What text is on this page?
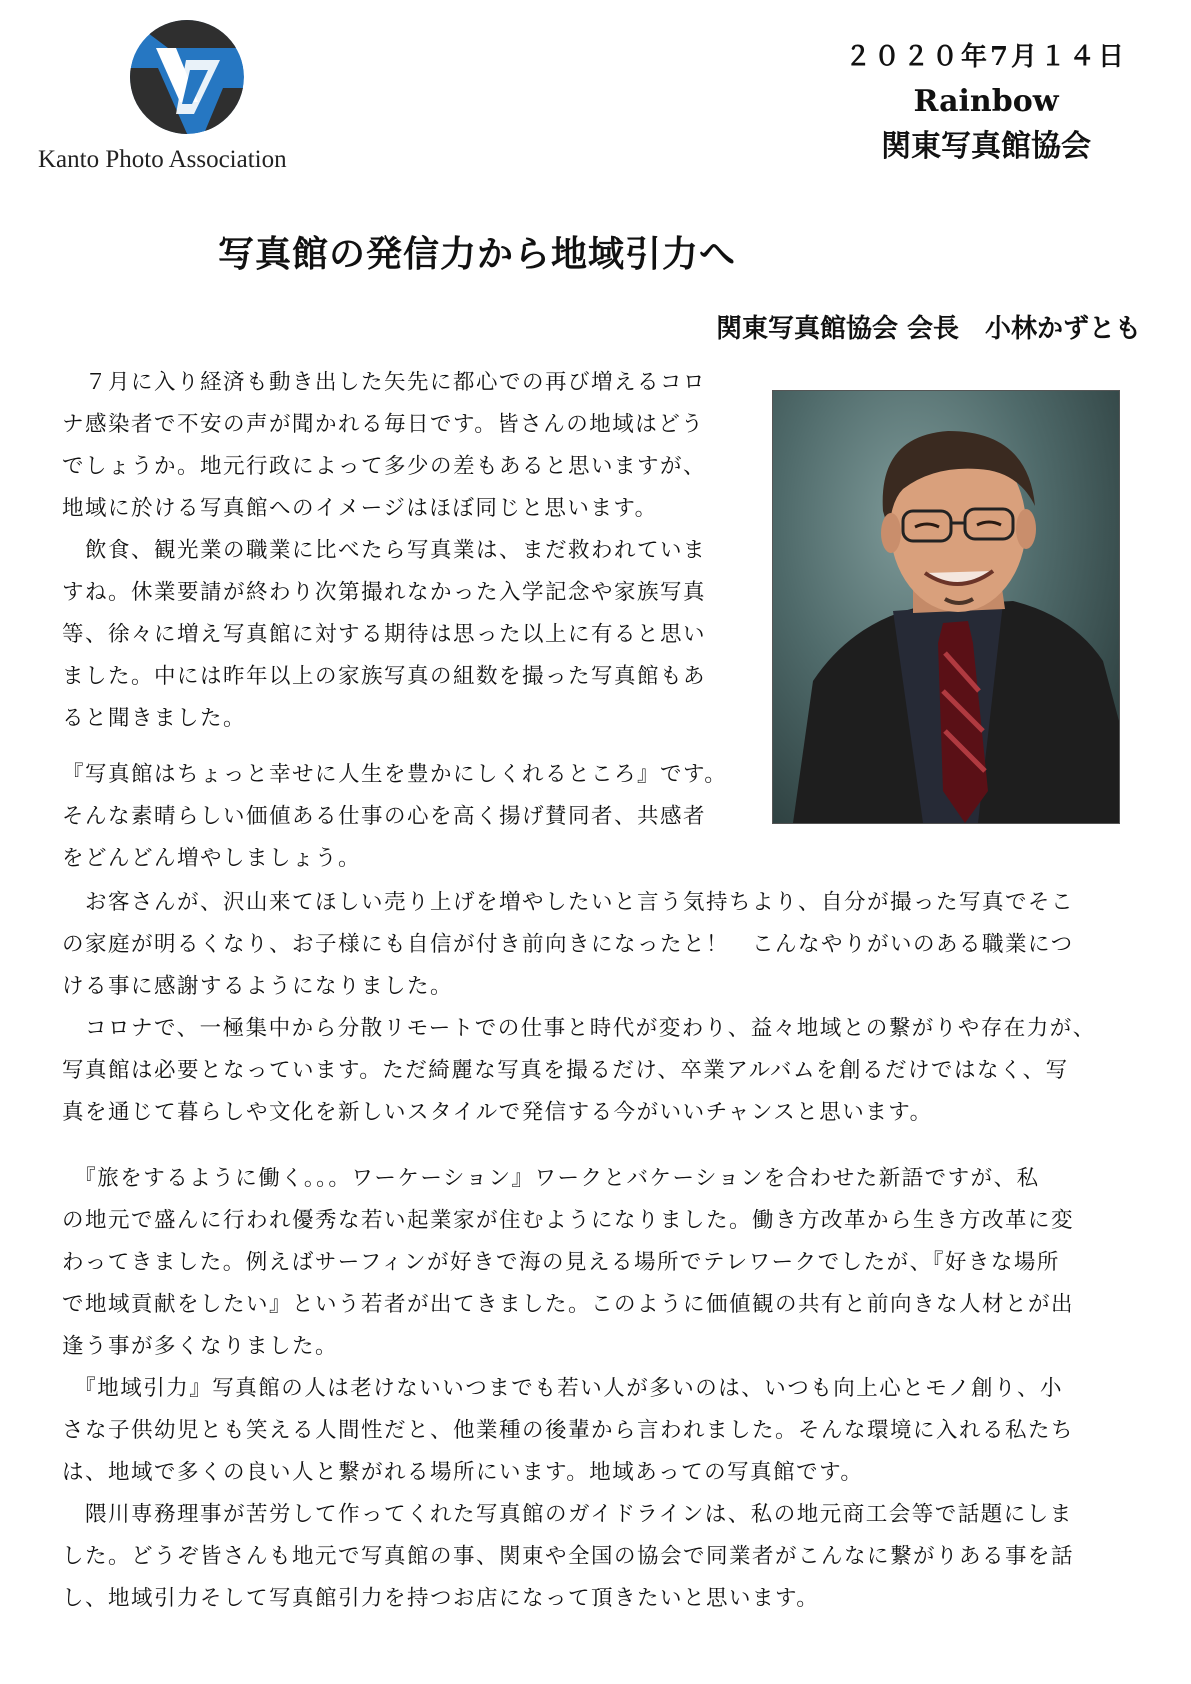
Kanto Photo Association
２０２０年7月１４日
Rainbow
関東写真館協会
写真館の発信力から地域引力へ
関東写真館協会 会長　小林かずとも
　７月に入り経済も動き出した矢先に都心での再び増えるコロ
ナ感染者で不安の声が聞かれる毎日です。皆さんの地域はどう
でしょうか。地元行政によって多少の差もあると思いますが、
地域に於ける写真館へのイメージはほぼ同じと思います。
　飲食、観光業の職業に比べたら写真業は、まだ救われていま
すね。休業要請が終わり次第撮れなかった入学記念や家族写真
等、徐々に増え写真館に対する期待は思った以上に有ると思い
ました。中には昨年以上の家族写真の組数を撮った写真館もあ
ると聞きました。
『写真館はちょっと幸せに人生を豊かにしくれるところ』です。
そんな素晴らしい価値ある仕事の心を高く揚げ賛同者、共感者
をどんどん増やしましょう。
　お客さんが、沢山来てほしい売り上げを増やしたいと言う気持ちより、自分が撮った写真でそこ
の家庭が明るくなり、お子様にも自信が付き前向きになったと！　こんなやりがいのある職業につ
ける事に感謝するようになりました。
　コロナで、一極集中から分散リモートでの仕事と時代が変わり、益々地域との繋がりや存在力が、
写真館は必要となっています。ただ綺麗な写真を撮るだけ、卒業アルバムを創るだけではなく、写
真を通じて暮らしや文化を新しいスタイルで発信する今がいいチャンスと思います。
　『旅をするように働く。。。ワーケーション』ワークとバケーションを合わせた新語ですが、私
の地元で盛んに行われ優秀な若い起業家が住むようになりました。働き方改革から生き方改革に変
わってきました。例えばサーフィンが好きで海の見える場所でテレワークでしたが、『好きな場所
で地域貢献をしたい』という若者が出てきました。このように価値観の共有と前向きな人材とが出
逢う事が多くなりました。
　『地域引力』写真館の人は老けないいつまでも若い人が多いのは、いつも向上心とモノ創り、小
さな子供幼児とも笑える人間性だと、他業種の後輩から言われました。そんな環境に入れる私たち
は、地域で多くの良い人と繋がれる場所にいます。地域あっての写真館です。
　隈川専務理事が苦労して作ってくれた写真館のガイドラインは、私の地元商工会等で話題にしま
した。どうぞ皆さんも地元で写真館の事、関東や全国の協会で同業者がこんなに繋がりある事を話
し、地域引力そして写真館引力を持つお店になって頂きたいと思います。
